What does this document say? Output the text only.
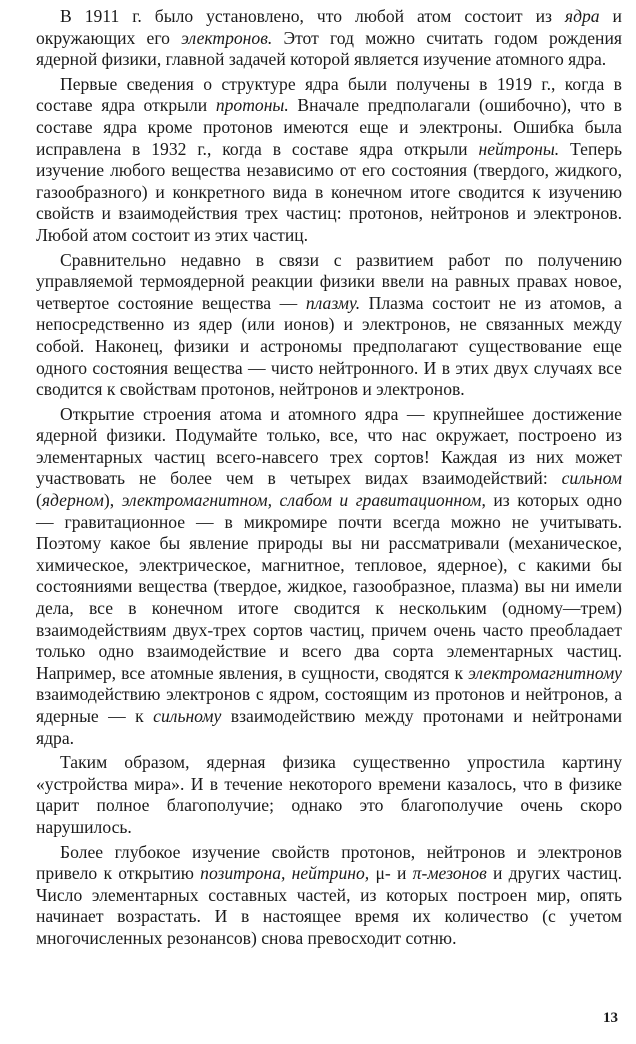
В 1911 г. было установлено, что любой атом состоит из ядра и окружающих его электронов. Этот год можно считать годом рождения ядерной физики, главной задачей которой является изучение атомного ядра.

Первые сведения о структуре ядра были получены в 1919 г., когда в составе ядра открыли протоны. Вначале предполагали (ошибочно), что в составе ядра кроме протонов имеются еще и электроны. Ошибка была исправлена в 1932 г., когда в составе ядра открыли нейтроны. Теперь изучение любого вещества независимо от его состояния (твердого, жидкого, газообразного) и конкретного вида в конечном итоге сводится к изучению свойств и взаимодействия трех частиц: протонов, нейтронов и электронов. Любой атом состоит из этих частиц.

Сравнительно недавно в связи с развитием работ по получению управляемой термоядерной реакции физики ввели на равных правах новое, четвертое состояние вещества — плазму. Плазма состоит не из атомов, а непосредственно из ядер (или ионов) и электронов, не связанных между собой. Наконец, физики и астрономы предполагают существование еще одного состояния вещества — чисто нейтронного. И в этих двух случаях все сводится к свойствам протонов, нейтронов и электронов.

Открытие строения атома и атомного ядра — крупнейшее достижение ядерной физики. Подумайте только, все, что нас окружает, построено из элементарных частиц всего-навсего трех сортов! Каждая из них может участвовать не более чем в четырех видах взаимодействий: сильном (ядерном), электромагнитном, слабом и гравитационном, из которых одно — гравитационное — в микромире почти всегда можно не учитывать. Поэтому какое бы явление природы вы ни рассматривали (механическое, химическое, электрическое, магнитное, тепловое, ядерное), с какими бы состояниями вещества (твердое, жидкое, газообразное, плазма) вы ни имели дела, все в конечном итоге сводится к нескольким (одному—трем) взаимодействиям двух-трех сортов частиц, причем очень часто преобладает только одно взаимодействие и всего два сорта элементарных частиц. Например, все атомные явления, в сущности, сводятся к электромагнитному взаимодействию электронов с ядром, состоящим из протонов и нейтронов, а ядерные — к сильному взаимодействию между протонами и нейтронами ядра.

Таким образом, ядерная физика существенно упростила картину «устройства мира». И в течение некоторого времени казалось, что в физике царит полное благополучие; однако это благополучие очень скоро нарушилось.

Более глубокое изучение свойств протонов, нейтронов и электронов привело к открытию позитрона, нейтрино, μ- и π-мезонов и других частиц. Число элементарных составных частей, из которых построен мир, опять начинает возрастать. И в настоящее время их количество (с учетом многочисленных резонансов) снова превосходит сотню.

13
